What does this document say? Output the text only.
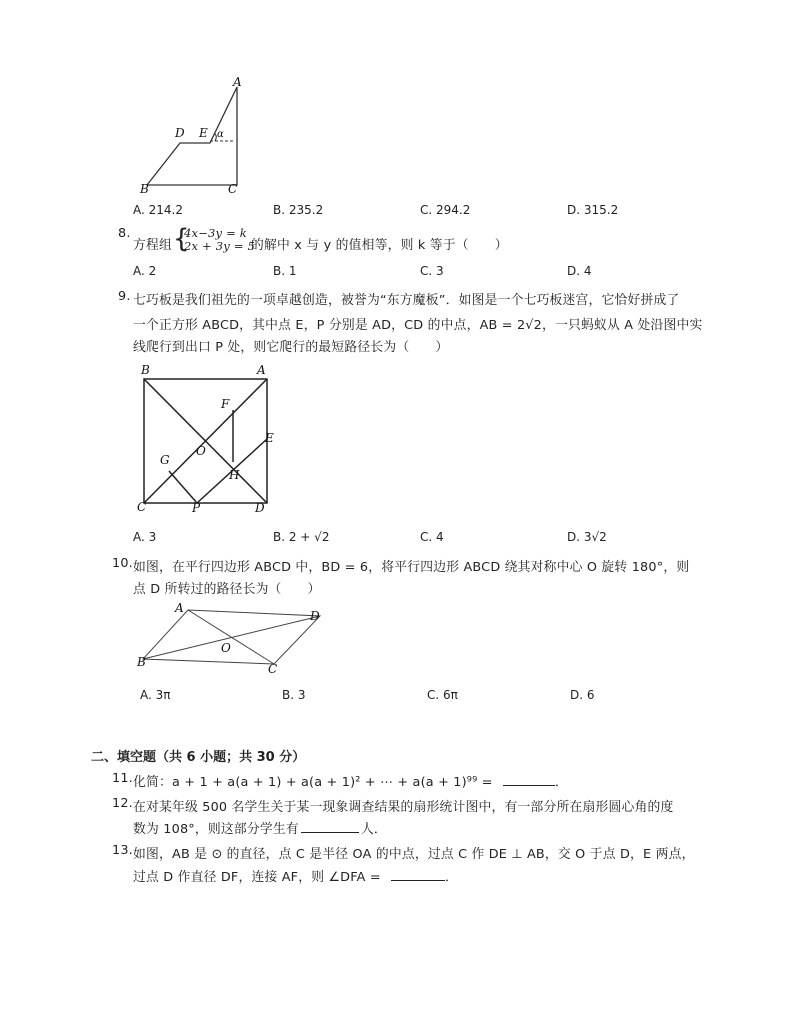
A
D E α
B	C
A. 214.2	B. 235.2	C. 294.2	D. 315.2
8.
方程组 {
4x−3y = k
2x + 3y = 5
的解中 x 与 y 的值相等，则 k 等于（　　）
A. 2	B. 1	C. 3	D. 4
9. 七巧板是我们祖先的一项卓越创造，被誉为“东方魔板”．如图是一个七巧板迷宫，它恰好拼成了
一个正方形 ABCD，其中点 E，P 分别是 AD，CD 的中点，AB = 2√2，一只蚂蚁从 A 处沿图中实
线爬行到出口 P 处，则它爬行的最短路径长为（　　）
B	A
F
E
O
G
H
C	P	D
A. 3	B. 2 + √2	C. 4	D. 3√2
10. 如图，在平行四边形 ABCD 中，BD = 6，将平行四边形 ABCD 绕其对称中心 O 旋转 180°，则
点 D 所转过的路径长为（　　）
A
D
O
B	C
A. 3π	B. 3	C. 6π	D. 6
二、填空题（共 6 小题；共 30 分）
11. 化简：a + 1 + a(a + 1) + a(a + 1)² + ⋯ + a(a + 1)⁹⁹ =	．
12. 在对某年级 500 名学生关于某一现象调查结果的扇形统计图中，有一部分所在扇形圆心角的度
数为 108°，则这部分学生有	人．
13. 如图，AB 是 ⊙ 的直径，点 C 是半径 OA 的中点，过点 C 作 DE ⊥ AB，交 O 于点 D，E 两点，
过点 D 作直径 DF，连接 AF，则 ∠DFA =	．
